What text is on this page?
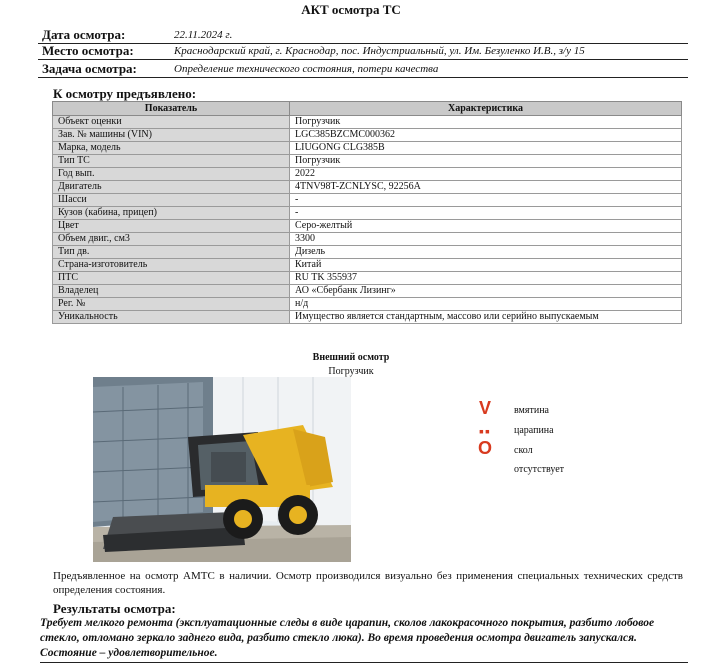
АКТ осмотра ТС
Дата осмотра:	22.11.2024 г.
Место осмотра:	Краснодарский край, г. Краснодар, пос. Индустриальный, ул. Им. Безуленко И.В., з/у 15
Задача осмотра:	Определение технического состояния, потери качества
К осмотру предъявлено:
Показатель	Характеристика
Объект оценки	Погрузчик
Зав. № машины (VIN)	LGC385BZCMC000362
Марка, модель	LIUGONG CLG385B
Тип ТС	Погрузчик
Год вып.	2022
Двигатель	4TNV98T-ZCNLYSC, 92256A
Шасси	-
Кузов (кабина, прицеп)	-
Цвет	Серо-желтый
Объем двиг., см3	3300
Тип дв.	Дизель
Страна-изготовитель	Китай
ПТС	RU TK 355937
Владелец	АО «Сбербанк Лизинг»
Рег. №	н/д
Уникальность	Имущество является стандартным, массово или серийно выпускаемым
Внешний осмотр
Погрузчик
V	вмятина
▪▪	царапина
O	скол
отсутствует
Предъявленное на осмотр АМТС в наличии. Осмотр производился визуально без применения специальных технических средств определения состояния.
Результаты осмотра:
Требует мелкого ремонта (эксплуатационные следы в виде царапин, сколов лакокрасочного покрытия, разбито лобовое стекло, отломано зеркало заднего вида, разбито стекло люка). Во время проведения осмотра двигатель запускался. Состояние – удовлетворительное.
